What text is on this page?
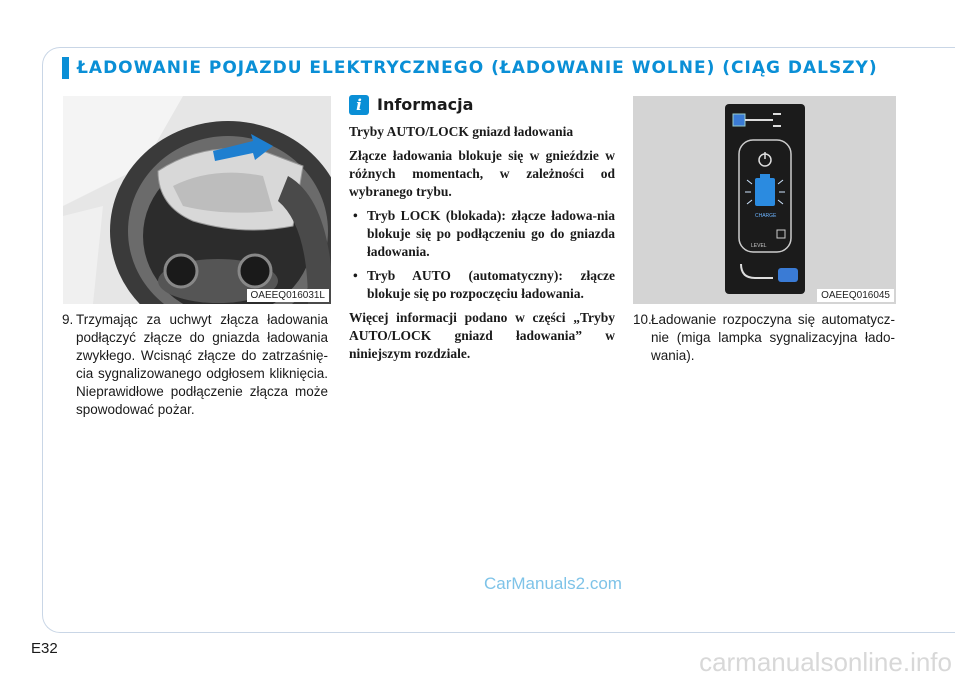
ŁADOWANIE POJAZDU ELEKTRYCZNEGO (ŁADOWANIE WOLNE) (CIĄG DALSZY)
OAEEQ016031L
CHARGE
LEVEL
OAEEQ016045
9. Trzymając za uchwyt złącza ładowania podłączyć złącze do gniazda ładowania zwykłego. Wcisnąć złącze do zatrzaśnię-cia sygnalizowanego odgłosem kliknięcia. Nieprawidłowe podłączenie złącza może spowodować pożar.
i Informacja

Tryby AUTO/LOCK gniazd ładowania

Złącze ładowania blokuje się w gnieździe w różnych momentach, w zależności od wybranego trybu.

• Tryb LOCK (blokada): złącze ładowa-nia blokuje się po podłączeniu go do gniazda ładowania.
• Tryb AUTO (automatyczny): złącze blokuje się po rozpoczęciu ładowania.

Więcej informacji podano w części „Tryby AUTO/LOCK gniazd ładowania” w niniejszym rozdziale.

10. Ładowanie rozpoczyna się automatycz-nie (miga lampka sygnalizacyjna łado-wania).
CarManuals2.com
E32	carmanualsonline.info
